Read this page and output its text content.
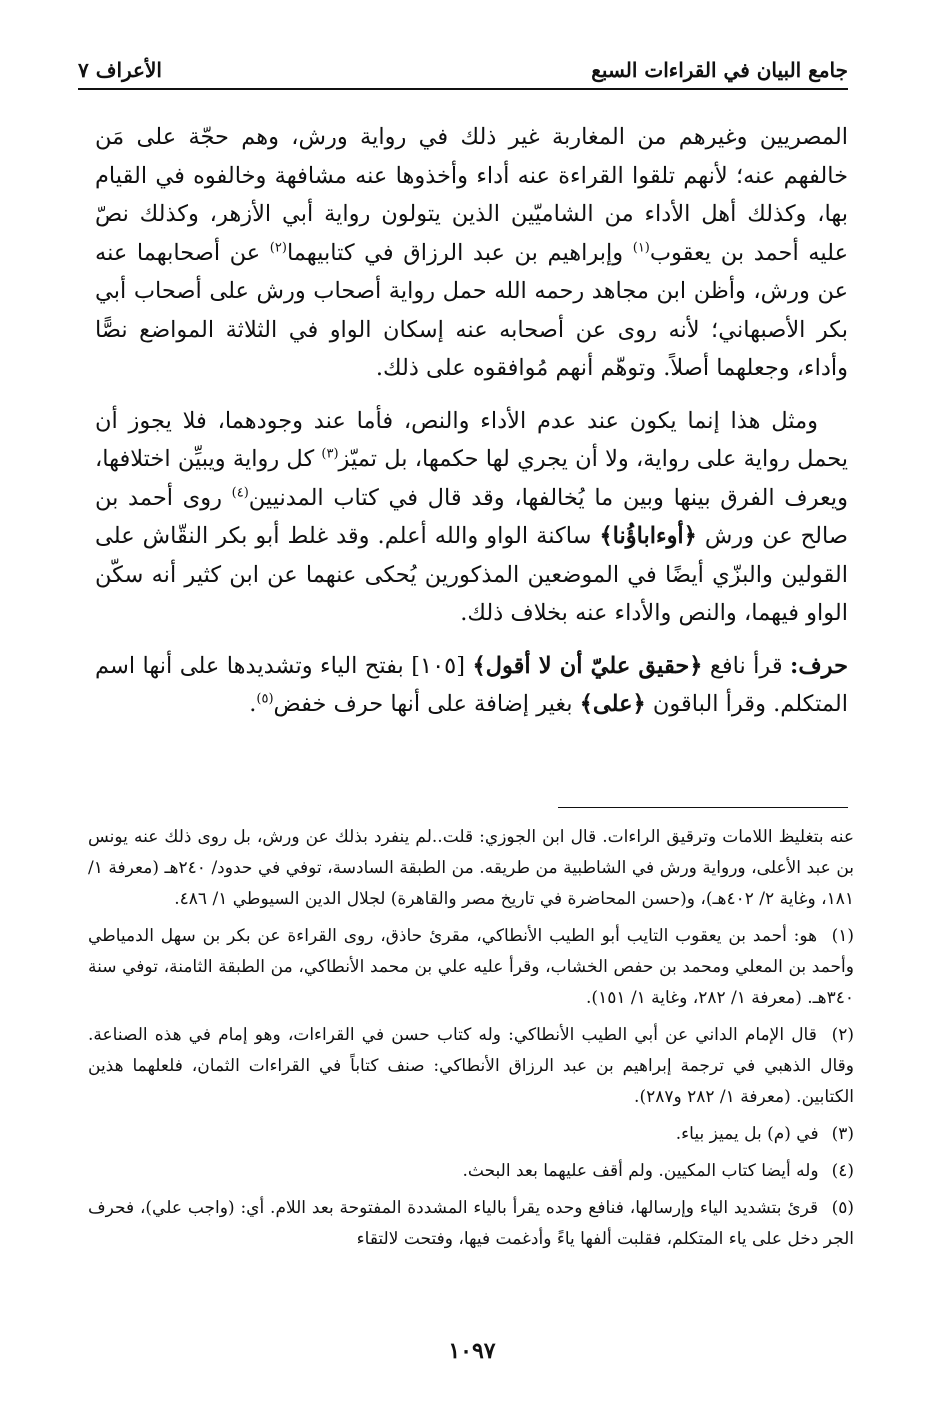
جامع البيان في القراءات السبع
الأعراف ٧

المصريين وغيرهم من المغاربة غير ذلك في رواية ورش، وهم حجّة على مَن خالفهم عنه؛ لأنهم تلقوا القراءة عنه أداء وأخذوها عنه مشافهة وخالفوه في القيام بها، وكذلك أهل الأداء من الشاميّين الذين يتولون رواية أبي الأزهر، وكذلك نصّ عليه أحمد بن يعقوب$^{(١)}$ وإبراهيم بن عبد الرزاق في كتابيهما$^{(٢)}$ عن أصحابهما عنه عن ورش، وأظن ابن مجاهد رحمه الله حمل رواية أصحاب ورش على أصحاب أبي بكر الأصبهاني؛ لأنه روى عن أصحابه عنه إسكان الواو في الثلاثة المواضع نصًّا وأداء، وجعلهما أصلاً. وتوهّم أنهم مُوافقوه على ذلك.

ومثل هذا إنما يكون عند عدم الأداء والنص، فأما عند وجودهما، فلا يجوز أن يحمل رواية على رواية، ولا أن يجري لها حكمها، بل تميّز$^{(٣)}$ كل رواية ويبيِّن اختلافها، ويعرف الفرق بينها وبين ما يُخالفها، وقد قال في كتاب المدنيين$^{(٤)}$ روى أحمد بن صالح عن ورش ﴿أوءاباؤُنا﴾ ساكنة الواو والله أعلم. وقد غلط أبو بكر النقّاش على القولين والبزّي أيضًا في الموضعين المذكورين يُحكى عنهما عن ابن كثير أنه سكّن الواو فيهما، والنص والأداء عنه بخلاف ذلك.

حرف: قرأ نافع ﴿حقيق عليّ أن لا أقول﴾ [١٠٥] بفتح الياء وتشديدها على أنها اسم المتكلم. وقرأ الباقون ﴿على﴾ بغير إضافة على أنها حرف خفض$^{(٥)}$.

عنه بتغليظ اللامات وترقيق الراءات. قال ابن الجوزي: قلت..لم ينفرد بذلك عن ورش، بل روى ذلك عنه يونس بن عبد الأعلى، ورواية ورش في الشاطبية من طريقه. من الطبقة السادسة، توفي في حدود/ ٢٤٠هـ (معرفة ١/ ١٨١، وغاية ٢/ ٤٠٢هـ)، و(حسن المحاضرة في تاريخ مصر والقاهرة) لجلال الدين السيوطي ١/ ٤٨٦.

(١) هو: أحمد بن يعقوب التايب أبو الطيب الأنطاكي، مقرئ حاذق، روى القراءة عن بكر بن سهل الدمياطي وأحمد بن المعلي ومحمد بن حفص الخشاب، وقرأ عليه علي بن محمد الأنطاكي، من الطبقة الثامنة، توفي سنة ٣٤٠هـ. (معرفة ١/ ٢٨٢، وغاية ١/ ١٥١).

(٢) قال الإمام الداني عن أبي الطيب الأنطاكي: وله كتاب حسن في القراءات، وهو إمام في هذه الصناعة. وقال الذهبي في ترجمة إبراهيم بن عبد الرزاق الأنطاكي: صنف كتاباً في القراءات الثمان، فلعلهما هذين الكتابين. (معرفة ١/ ٢٨٢ و٢٨٧).

(٣) في (م) بل يميز بياء.

(٤) وله أيضا كتاب المكيين. ولم أقف عليهما بعد البحث.

(٥) قرئ بتشديد الياء وإرسالها، فنافع وحده يقرأ بالياء المشددة المفتوحة بعد اللام. أي: (واجب علي)، فحرف الجر دخل على ياء المتكلم، فقلبت ألفها ياءً وأدغمت فيها، وفتحت لالتقاء

١٠٩٧
